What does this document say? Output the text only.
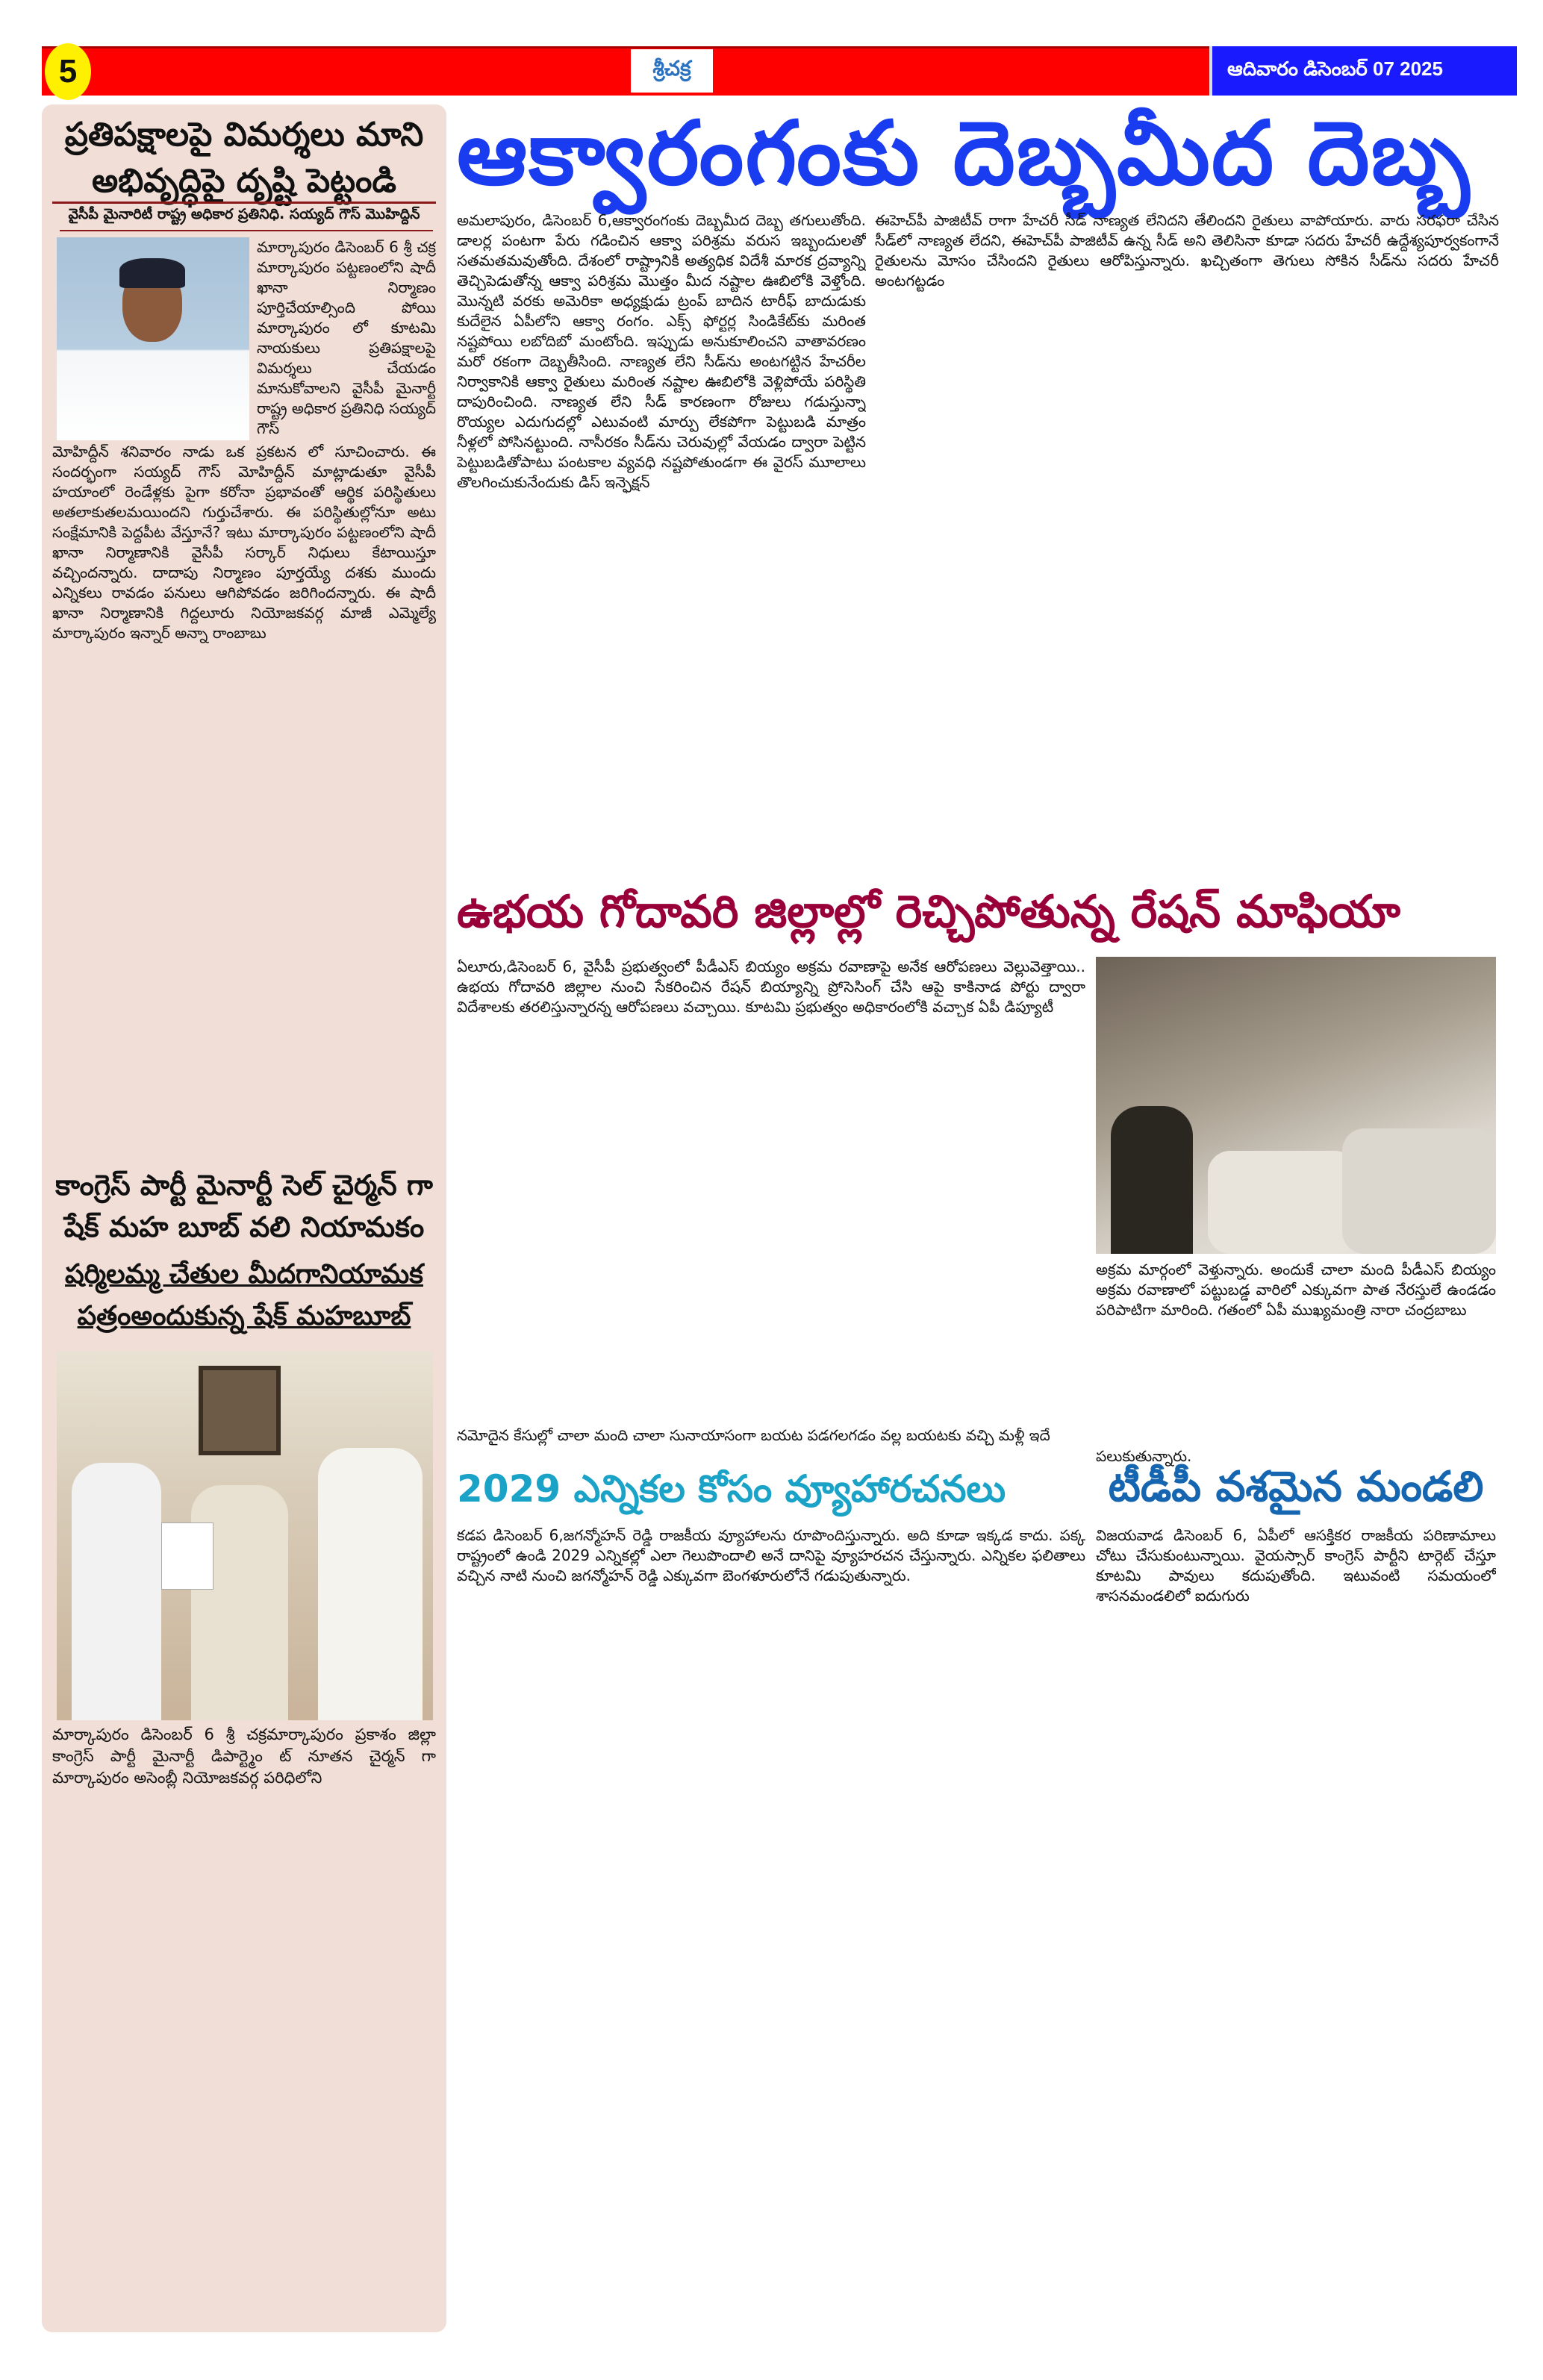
5	శ్రీచక్ర	ఆదివారం డిసెంబర్ 07 2025
ప్రతిపక్షాలపై విమర్శలు మాని అభివృద్ధిపై దృష్టి పెట్టండి
వైసీపీ మైనారిటీ రాష్ట్ర అధికార ప్రతినిధి. సయ్యద్ గౌస్ మొహిద్దిన్
మార్కాపురం డిసెంబర్ 6 శ్రీ చక్ర మార్కాపురం పట్టణంలోని షాదీ ఖానా నిర్మాణం పూర్తిచేయాల్సింది పోయి మార్కాపురం లో కూటమి నాయకులు ప్రతిపక్షాలపై విమర్శలు చేయడం మానుకోవాలని వైసీపీ మైనార్టీ రాష్ట్ర అధికార ప్రతినిధి సయ్యద్ గౌస్
మోహిద్దీన్ శనివారం నాడు ఒక ప్రకటన లో సూచించారు. ఈ సందర్భంగా సయ్యద్ గౌస్ మోహిద్దీన్ మాట్లాడుతూ వైసీపీ హయాంలో రెండేళ్లకు పైగా కరోనా ప్రభావంతో ఆర్థిక పరిస్థితులు అతలాకుతలమయిందని గుర్తుచేశారు. ఈ పరిస్థితుల్లోనూ అటు సంక్షేమానికి పెద్దపీట వేస్తూనే? ఇటు మార్కాపురం పట్టణంలోని షాదీ ఖానా నిర్మాణానికి వైసీపీ సర్కార్ నిధులు కేటాయిస్తూ వచ్చిందన్నారు. దాదాపు నిర్మాణం పూర్తయ్యే దశకు ముందు ఎన్నికలు రావడం పనులు ఆగిపోవడం జరిగిందన్నారు. ఈ షాదీ ఖానా నిర్మాణానికి గిద్దలూరు నియోజకవర్గ మాజీ ఎమ్మెల్యే మార్కాపురం ఇన్నార్ అన్నా రాంబాబు
కాంగ్రెస్ పార్టీ మైనార్టీ సెల్ చైర్మన్ గా షేక్ మహ బూబ్ వలి నియామకం
షర్మిలమ్మ చేతుల మీదగానియామక పత్రంఅందుకున్న షేక్ మహబూబ్
మార్కాపురం డిసెంబర్ 6 శ్రీ చక్రమార్కాపురం ప్రకాశం జిల్లా కాంగ్రెస్ పార్టీ మైనార్టీ డిపార్ట్మెం ట్ నూతన చైర్మన్ గా మార్కాపురం అసెంబ్లీ నియోజకవర్గ పరిధిలోని
ఆక్వారంగంకు దెబ్బమీద దెబ్బ
అమలాపురం, డిసెంబర్ 6,ఆక్వారంగంకు దెబ్బమీద దెబ్బ తగులుతోంది. డాలర్ల పంటగా పేరు గడించిన ఆక్వా పరిశ్రమ వరుస ఇబ్బందులతో సతమతమవుతోంది. దేశంలో రాష్ట్రానికి అత్యధిక విదేశీ మారక ద్రవ్యాన్ని తెచ్చిపెడుతోన్న ఆక్వా పరిశ్రమ మొత్తం మీద నష్టాల ఊబిలోకి వెళ్తోంది. మొన్నటి వరకు అమెరికా అధ్యక్షుడు ట్రంప్ బాదిన టారీఫ్ బాదుడుకు కుదేలైన ఏపీలోని ఆక్వా రంగం. ఎక్స్ ఫోర్టర్ల సిండికేట్‌కు మరింత నష్టపోయి లబోదిబో మంటోంది. ఇప్పుడు అనుకూలించని వాతావరణం మరో రకంగా దెబ్బతీసింది. నాణ్యత లేని సీడ్‌ను అంటగట్టిన హేచరీల నిర్వాకానికి ఆక్వా రైతులు మరింత నష్టాల ఊబిలోకి వెళ్లిపోయే పరిస్థితి దాపురించింది. నాణ్యత లేని సీడ్ కారణంగా రోజులు గడుస్తున్నా రొయ్యల ఎదుగుదల్లో ఎటువంటి మార్పు లేకపోగా పెట్టుబడి మాత్రం నీళ్లలో పోసినట్టుంది. నాసీరకం సీడ్‌ను చెరువుల్లో వేయడం ద్వారా పెట్టిన పెట్టుబడితోపాటు పంటకాల వ్యవధి నష్టపోతుండగా ఈ వైరస్ మూలాలు తొలగించుకునేందుకు డిస్ ఇన్ఫెక్షన్
ఈహెచ్‌పీ పాజిటీవ్ రాగా హేచరీ సీడ్ నాణ్యత లేనిదని తేలిందని రైతులు వాపోయారు. వారు సరఫరా చేసిన సీడ్‌లో నాణ్యత లేదని, ఈహెచ్‌పీ పాజిటీవ్ ఉన్న సీడ్ అని తెలిసినా కూడా సదరు హేచరీ ఉద్దేశ్యపూర్వకంగానే రైతులను మోసం చేసిందని రైతులు ఆరోపిస్తున్నారు. ఖచ్చితంగా తెగులు సోకిన సీడ్‌ను సదరు హేచరీ అంటగట్టడం
ఉభయ గోదావరి జిల్లాల్లో రెచ్చిపోతున్న రేషన్ మాఫియా
ఏలూరు,డిసెంబర్ 6, వైసీపీ ప్రభుత్వంలో పీడీఎస్ బియ్యం అక్రమ రవాణాపై అనేక ఆరోపణలు వెల్లువెత్తాయి.. ఉభయ గోదావరి జిల్లాల నుంచి సేకరించిన రేషన్ బియ్యాన్ని ప్రోసెసింగ్ చేసి ఆపై కాకినాడ పోర్టు ద్వారా విదేశాలకు తరలిస్తున్నారన్న ఆరోపణలు వచ్చాయి. కూటమి ప్రభుత్వం అధికారంలోకి వచ్చాక ఏపీ డిప్యూటీ
నమోదైన కేసుల్లో చాలా మంది చాలా సునాయాసంగా బయట పడగలగడం వల్ల బయటకు వచ్చి మళ్లీ ఇదే
అక్రమ మార్గంలో వెళ్తున్నారు. అందుకే చాలా మంది పీడీఎస్ బియ్యం అక్రమ రవాణాలో పట్టుబడ్డ వారిలో ఎక్కువగా పాత నేరస్తులే ఉండడం పరిపాటిగా మారింది. గతంలో ఏపీ ముఖ్యమంత్రి నారా చంద్రబాబు
పలుకుతున్నారు.
2029 ఎన్నికల కోసం వ్యూహారచనలు
కడప డిసెంబర్ 6,జగన్మోహన్ రెడ్డి రాజకీయ వ్యూహాలను రూపొందిస్తున్నారు. అది కూడా ఇక్కడ కాదు. పక్క రాష్ట్రంలో ఉండి 2029 ఎన్నికల్లో ఎలా గెలుపొందాలి అనే దానిపై వ్యూహరచన చేస్తున్నారు. ఎన్నికల ఫలితాలు వచ్చిన నాటి నుంచి జగన్మోహన్ రెడ్డి ఎక్కువగా బెంగళూరులోనే గడుపుతున్నారు.
టీడీపీ వశమైన మండలి
విజయవాడ డిసెంబర్ 6, ఏపీలో ఆసక్తికర రాజకీయ పరిణామాలు చోటు చేసుకుంటున్నాయి. వైయస్సార్ కాంగ్రెస్ పార్టీని టార్గెట్ చేస్తూ కూటమి పావులు కదుపుతోంది. ఇటువంటి సమయంలో శాసనమండలిలో ఐదుగురు
